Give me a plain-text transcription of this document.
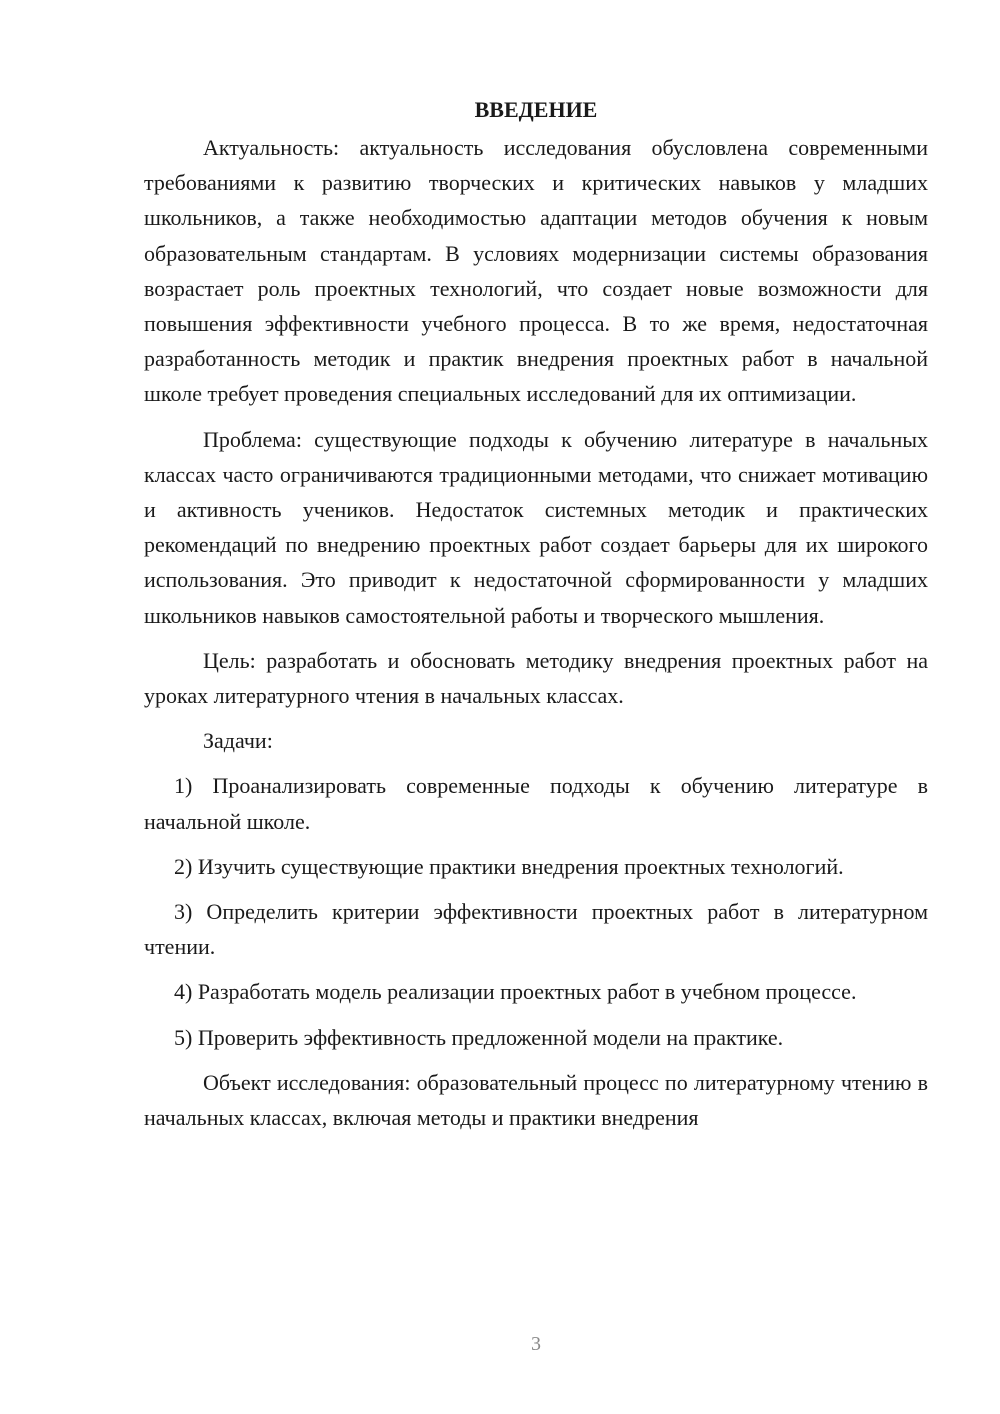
ВВЕДЕНИЕ

Актуальность: актуальность исследования обусловлена современными требованиями к развитию творческих и критических навыков у младших школьников, а также необходимостью адаптации методов обучения к новым образовательным стандартам. В условиях модернизации системы образования возрастает роль проектных технологий, что создает новые возможности для повышения эффективности учебного процесса. В то же время, недостаточная разработанность методик и практик внедрения проектных работ в начальной школе требует проведения специальных исследований для их оптимизации.

Проблема: существующие подходы к обучению литературе в начальных классах часто ограничиваются традиционными методами, что снижает мотивацию и активность учеников. Недостаток системных методик и практических рекомендаций по внедрению проектных работ создает барьеры для их широкого использования. Это приводит к недостаточной сформированности у младших школьников навыков самостоятельной работы и творческого мышления.

Цель: разработать и обосновать методику внедрения проектных работ на уроках литературного чтения в начальных классах.

Задачи:

1) Проанализировать современные подходы к обучению литературе в начальной школе.

2) Изучить существующие практики внедрения проектных технологий.

3) Определить критерии эффективности проектных работ в литературном чтении.

4) Разработать модель реализации проектных работ в учебном процессе.

5) Проверить эффективность предложенной модели на практике.

Объект исследования: образовательный процесс по литературному чтению в начальных классах, включая методы и практики внедрения

3
